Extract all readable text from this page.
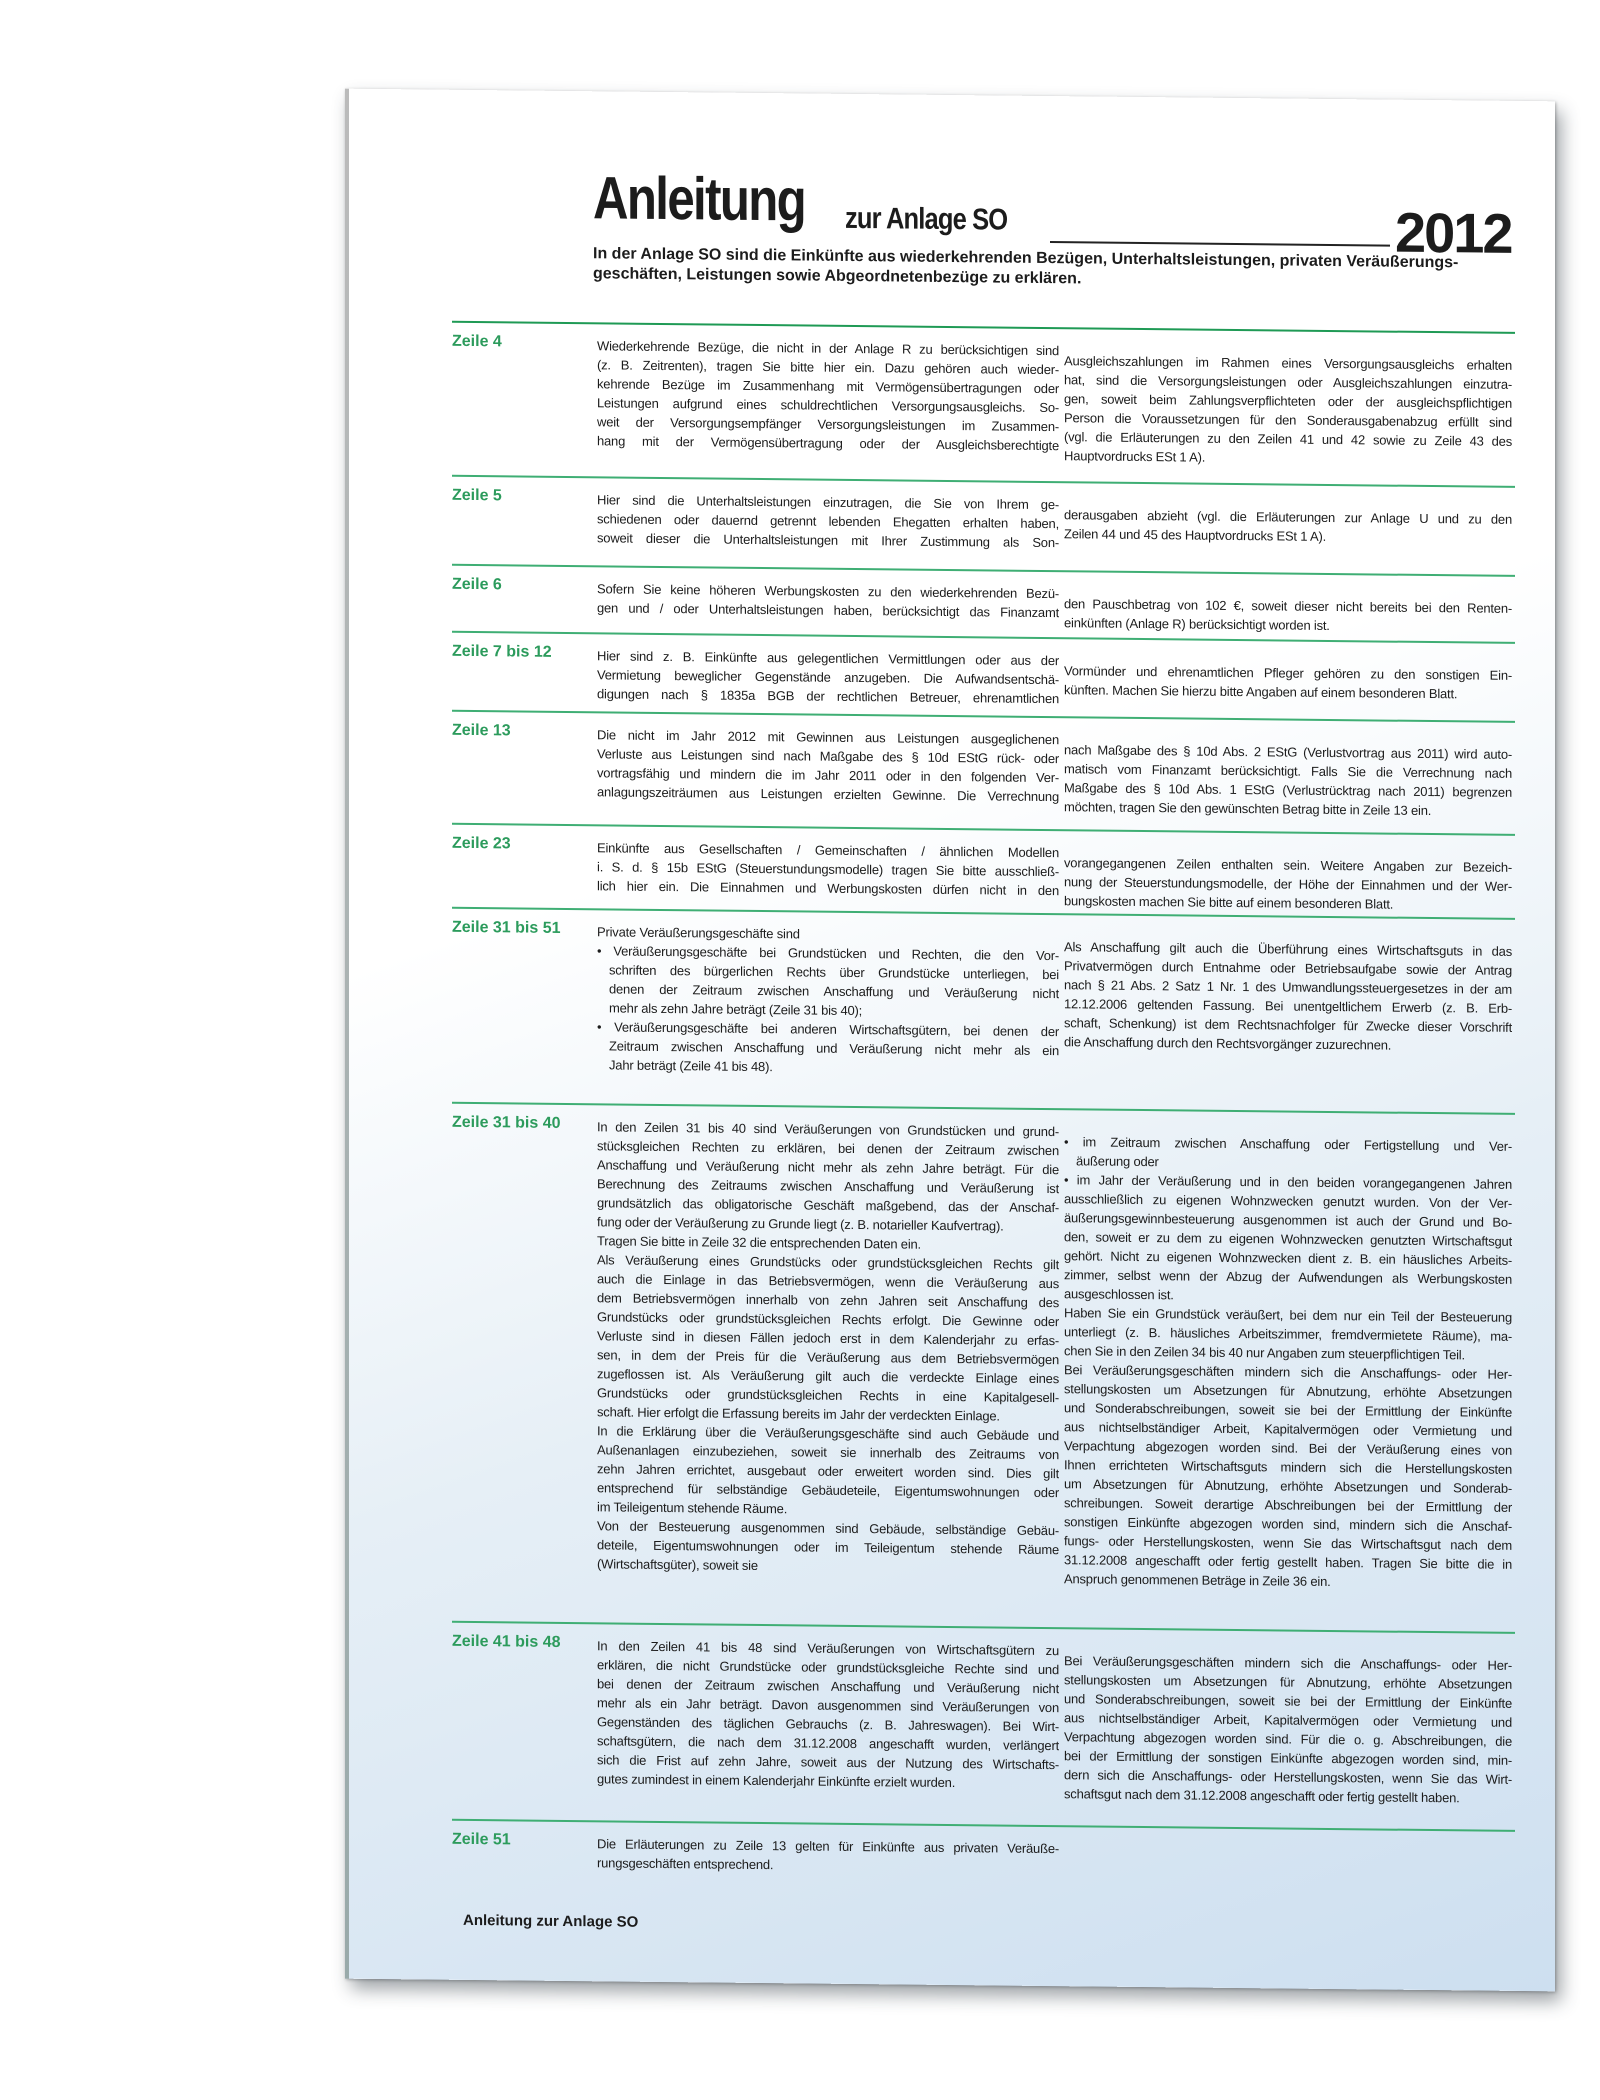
Anleitung zur Anlage SO	2012
In der Anlage SO sind die Einkünfte aus wiederkehrenden Bezügen, Unterhaltsleistungen, privaten Veräußerungs-
geschäften, Leistungen sowie Abgeordnetenbezüge zu erklären.
Zeile 4	Wiederkehrende Bezüge, die nicht in der Anlage R zu berücksichtigen sind
(z. B. Zeitrenten), tragen Sie bitte hier ein. Dazu gehören auch wieder-
kehrende Bezüge im Zusammenhang mit Vermögensübertragungen oder
Leistungen aufgrund eines schuldrechtlichen Versorgungsausgleichs. So-
weit der Versorgungsempfänger Versorgungsleistungen im Zusammen-
hang mit der Vermögensübertragung oder der Ausgleichsberechtigte
Ausgleichszahlungen im Rahmen eines Versorgungsausgleichs erhalten
hat, sind die Versorgungsleistungen oder Ausgleichszahlungen einzutra-
gen, soweit beim Zahlungsverpflichteten oder der ausgleichspflichtigen
Person die Voraussetzungen für den Sonderausgabenabzug erfüllt sind
(vgl. die Erläuterungen zu den Zeilen 41 und 42 sowie zu Zeile 43 des
Hauptvordrucks ESt 1 A).
Zeile 5	Hier sind die Unterhaltsleistungen einzutragen, die Sie von Ihrem ge-
schiedenen oder dauernd getrennt lebenden Ehegatten erhalten haben,
soweit dieser die Unterhaltsleistungen mit Ihrer Zustimmung als Son-
derausgaben abzieht (vgl. die Erläuterungen zur Anlage U und zu den
Zeilen 44 und 45 des Hauptvordrucks ESt 1 A).
Zeile 6	Sofern Sie keine höheren Werbungskosten zu den wiederkehrenden Bezü-
gen und / oder Unterhaltsleistungen haben, berücksichtigt das Finanzamt den Pauschbetrag von 102 €, soweit dieser nicht bereits bei den Renten-
einkünften (Anlage R) berücksichtigt worden ist.
Zeile 7 bis 12	Hier sind z. B. Einkünfte aus gelegentlichen Vermittlungen oder aus der
Vermietung beweglicher Gegenstände anzugeben. Die Aufwandsentschä-
digungen nach § 1835a BGB der rechtlichen Betreuer, ehrenamtlichen
Vormünder und ehrenamtlichen Pfleger gehören zu den sonstigen Ein-
künften. Machen Sie hierzu bitte Angaben auf einem besonderen Blatt.
Zeile 13	Die nicht im Jahr 2012 mit Gewinnen aus Leistungen ausgeglichenen
Verluste aus Leistungen sind nach Maßgabe des § 10d EStG rück- oder
vortragsfähig und mindern die im Jahr 2011 oder in den folgenden Ver-
anlagungszeiträumen aus Leistungen erzielten Gewinne. Die Verrechnung
nach Maßgabe des § 10d Abs. 2 EStG (Verlustvortrag aus 2011) wird auto-
matisch vom Finanzamt berücksichtigt. Falls Sie die Verrechnung nach
Maßgabe des § 10d Abs. 1 EStG (Verlustrücktrag nach 2011) begrenzen
möchten, tragen Sie den gewünschten Betrag bitte in Zeile 13 ein.
Zeile 23	Einkünfte aus Gesellschaften / Gemeinschaften / ähnlichen Modellen
i. S. d. § 15b EStG (Steuerstundungsmodelle) tragen Sie bitte ausschließ-
lich hier ein. Die Einnahmen und Werbungskosten dürfen nicht in den
vorangegangenen Zeilen enthalten sein. Weitere Angaben zur Bezeich-
nung der Steuerstundungsmodelle, der Höhe der Einnahmen und der Wer-
bungskosten machen Sie bitte auf einem besonderen Blatt.
Zeile 31 bis 51	Private Veräußerungsgeschäfte sind
• Veräußerungsgeschäfte bei Grundstücken und Rechten, die den Vor-
schriften des bürgerlichen Rechts über Grundstücke unterliegen, bei
denen der Zeitraum zwischen Anschaffung und Veräußerung nicht
mehr als zehn Jahre beträgt (Zeile 31 bis 40);
• Veräußerungsgeschäfte bei anderen Wirtschaftsgütern, bei denen der
Zeitraum zwischen Anschaffung und Veräußerung nicht mehr als ein
Jahr beträgt (Zeile 41 bis 48).
Als Anschaffung gilt auch die Überführung eines Wirtschaftsguts in das
Privatvermögen durch Entnahme oder Betriebsaufgabe sowie der Antrag
nach § 21 Abs. 2 Satz 1 Nr. 1 des Umwandlungssteuergesetzes in der am
12.12.2006 geltenden Fassung. Bei unentgeltlichem Erwerb (z. B. Erb-
schaft, Schenkung) ist dem Rechtsnachfolger für Zwecke dieser Vorschrift
die Anschaffung durch den Rechtsvorgänger zuzurechnen.
Zeile 31 bis 40	In den Zeilen 31 bis 40 sind Veräußerungen von Grundstücken und grund-
stücksgleichen Rechten zu erklären, bei denen der Zeitraum zwischen
Anschaffung und Veräußerung nicht mehr als zehn Jahre beträgt. Für die
Berechnung des Zeitraums zwischen Anschaffung und Veräußerung ist
grundsätzlich das obligatorische Geschäft maßgebend, das der Anschaf-
fung oder der Veräußerung zu Grunde liegt (z. B. notarieller Kaufvertrag).
Tragen Sie bitte in Zeile 32 die entsprechenden Daten ein.
Als Veräußerung eines Grundstücks oder grundstücksgleichen Rechts gilt
auch die Einlage in das Betriebsvermögen, wenn die Veräußerung aus
dem Betriebsvermögen innerhalb von zehn Jahren seit Anschaffung des
Grundstücks oder grundstücksgleichen Rechts erfolgt. Die Gewinne oder
Verluste sind in diesen Fällen jedoch erst in dem Kalenderjahr zu erfas-
sen, in dem der Preis für die Veräußerung aus dem Betriebsvermögen
zugeflossen ist. Als Veräußerung gilt auch die verdeckte Einlage eines
Grundstücks oder grundstücksgleichen Rechts in eine Kapitalgesell-
schaft. Hier erfolgt die Erfassung bereits im Jahr der verdeckten Einlage.
In die Erklärung über die Veräußerungsgeschäfte sind auch Gebäude und
Außenanlagen einzubeziehen, soweit sie innerhalb des Zeitraums von
zehn Jahren errichtet, ausgebaut oder erweitert worden sind. Dies gilt
entsprechend für selbständige Gebäudeteile, Eigentumswohnungen oder
im Teileigentum stehende Räume.
Von der Besteuerung ausgenommen sind Gebäude, selbständige Gebäu-
deteile, Eigentumswohnungen oder im Teileigentum stehende Räume
(Wirtschaftsgüter), soweit sie
• im Zeitraum zwischen Anschaffung oder Fertigstellung und Ver-
äußerung oder
• im Jahr der Veräußerung und in den beiden vorangegangenen Jahren
ausschließlich zu eigenen Wohnzwecken genutzt wurden. Von der Ver-
äußerungsgewinnbesteuerung ausgenommen ist auch der Grund und Bo-
den, soweit er zu dem zu eigenen Wohnzwecken genutzten Wirtschaftsgut
gehört. Nicht zu eigenen Wohnzwecken dient z. B. ein häusliches Arbeits-
zimmer, selbst wenn der Abzug der Aufwendungen als Werbungskosten
ausgeschlossen ist.
Haben Sie ein Grundstück veräußert, bei dem nur ein Teil der Besteuerung
unterliegt (z. B. häusliches Arbeitszimmer, fremdvermietete Räume), ma-
chen Sie in den Zeilen 34 bis 40 nur Angaben zum steuerpflichtigen Teil.
Bei Veräußerungsgeschäften mindern sich die Anschaffungs- oder Her-
stellungskosten um Absetzungen für Abnutzung, erhöhte Absetzungen
und Sonderabschreibungen, soweit sie bei der Ermittlung der Einkünfte
aus nichtselbständiger Arbeit, Kapitalvermögen oder Vermietung und
Verpachtung abgezogen worden sind. Bei der Veräußerung eines von
Ihnen errichteten Wirtschaftsguts mindern sich die Herstellungskosten
um Absetzungen für Abnutzung, erhöhte Absetzungen und Sonderab-
schreibungen. Soweit derartige Abschreibungen bei der Ermittlung der
sonstigen Einkünfte abgezogen worden sind, mindern sich die Anschaf-
fungs- oder Herstellungskosten, wenn Sie das Wirtschaftsgut nach dem
31.12.2008 angeschafft oder fertig gestellt haben. Tragen Sie bitte die in
Anspruch genommenen Beträge in Zeile 36 ein.
Zeile 41 bis 48	In den Zeilen 41 bis 48 sind Veräußerungen von Wirtschaftsgütern zu
erklären, die nicht Grundstücke oder grundstücksgleiche Rechte sind und
bei denen der Zeitraum zwischen Anschaffung und Veräußerung nicht
mehr als ein Jahr beträgt. Davon ausgenommen sind Veräußerungen von
Gegenständen des täglichen Gebrauchs (z. B. Jahreswagen). Bei Wirt-
schaftsgütern, die nach dem 31.12.2008 angeschafft wurden, verlängert
sich die Frist auf zehn Jahre, soweit aus der Nutzung des Wirtschafts-
gutes zumindest in einem Kalenderjahr Einkünfte erzielt wurden.
Bei Veräußerungsgeschäften mindern sich die Anschaffungs- oder Her-
stellungskosten um Absetzungen für Abnutzung, erhöhte Absetzungen
und Sonderabschreibungen, soweit sie bei der Ermittlung der Einkünfte
aus nichtselbständiger Arbeit, Kapitalvermögen oder Vermietung und
Verpachtung abgezogen worden sind. Für die o. g. Abschreibungen, die
bei der Ermittlung der sonstigen Einkünfte abgezogen worden sind, min-
dern sich die Anschaffungs- oder Herstellungskosten, wenn Sie das Wirt-
schaftsgut nach dem 31.12.2008 angeschafft oder fertig gestellt haben.
Zeile 51	Die Erläuterungen zu Zeile 13 gelten für Einkünfte aus privaten Veräuße-
rungsgeschäften entsprechend.
Anleitung zur Anlage SO
